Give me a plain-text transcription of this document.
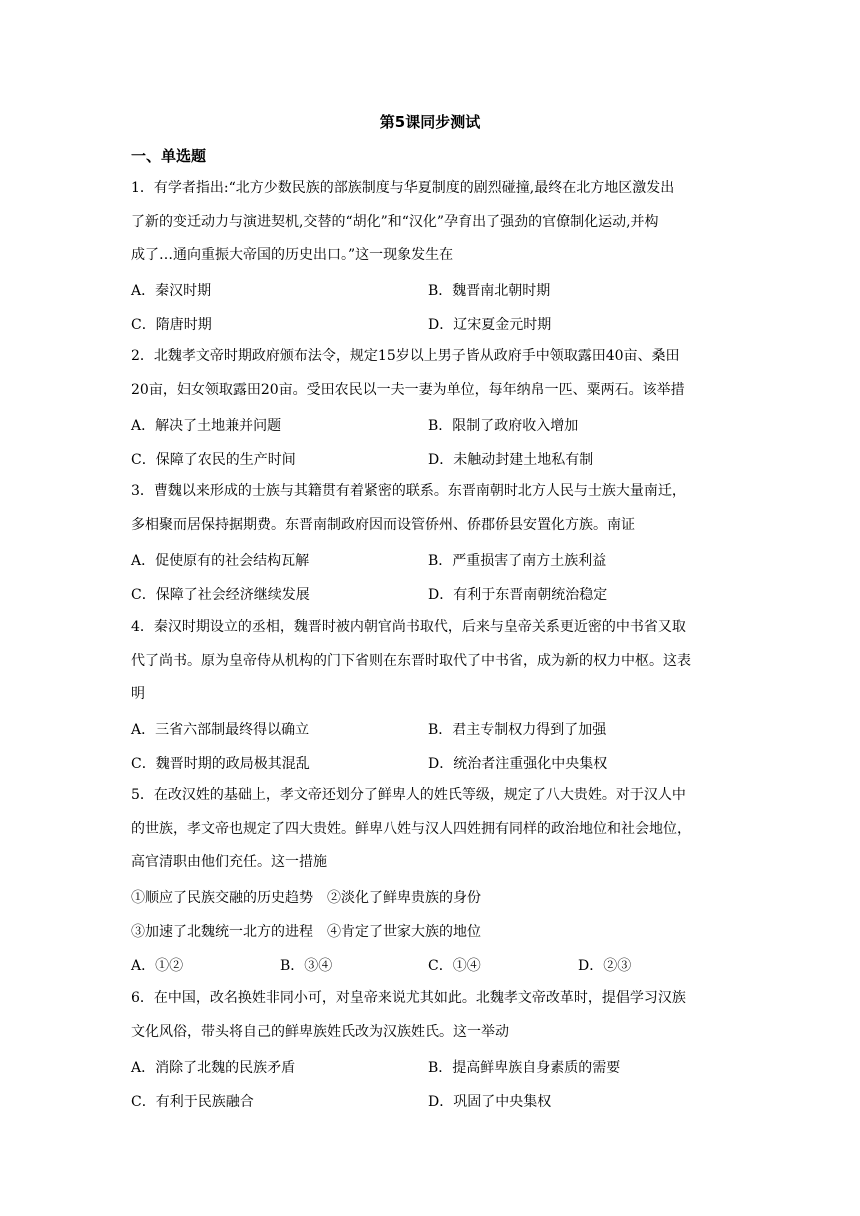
第5课同步测试
一、单选题
1．有学者指出:“北方少数民族的部族制度与华夏制度的剧烈碰撞,最终在北方地区激发出
了新的变迁动力与演进契机,交替的“胡化”和“汉化”孕育出了强劲的官僚制化运动,并构
成了…通向重振大帝国的历史出口。”这一现象发生在
A．秦汉时期	B．魏晋南北朝时期
C．隋唐时期	D．辽宋夏金元时期
2．北魏孝文帝时期政府颁布法令，规定15岁以上男子皆从政府手中领取露田40亩、桑田
20亩，妇女领取露田20亩。受田农民以一夫一妻为单位，每年纳帛一匹、粟两石。该举措
A．解决了土地兼并问题	B．限制了政府收入增加
C．保障了农民的生产时间	D．未触动封建土地私有制
3．曹魏以来形成的士族与其籍贯有着紧密的联系。东晋南朝时北方人民与士族大量南迁，
多相聚而居保持据期费。东晋南制政府因而设管侨州、侨郡侨县安置化方族。南证
A．促使原有的社会结构瓦解	B．严重损害了南方土族利益
C．保障了社会经济继续发展	D．有利于东晋南朝统治稳定
4．秦汉时期设立的丞相，魏晋时被内朝官尚书取代，后来与皇帝关系更近密的中书省又取
代了尚书。原为皇帝侍从机构的门下省则在东晋时取代了中书省，成为新的权力中枢。这表
明
A．三省六部制最终得以确立	B．君主专制权力得到了加强
C．魏晋时期的政局极其混乱	D．统治者注重强化中央集权
5．在改汉姓的基础上，孝文帝还划分了鲜卑人的姓氏等级，规定了八大贵姓。对于汉人中
的世族，孝文帝也规定了四大贵姓。鲜卑八姓与汉人四姓拥有同样的政治地位和社会地位，
高官清职由他们充任。这一措施
①顺应了民族交融的历史趋势　②淡化了鲜卑贵族的身份
③加速了北魏统一北方的进程　④肯定了世家大族的地位
A．①②	B．③④	C．①④	D．②③
6．在中国，改名换姓非同小可，对皇帝来说尤其如此。北魏孝文帝改革时，提倡学习汉族
文化风俗，带头将自己的鲜卑族姓氏改为汉族姓氏。这一举动
A．消除了北魏的民族矛盾	B．提高鲜卑族自身素质的需要
C．有利于民族融合	D．巩固了中央集权
